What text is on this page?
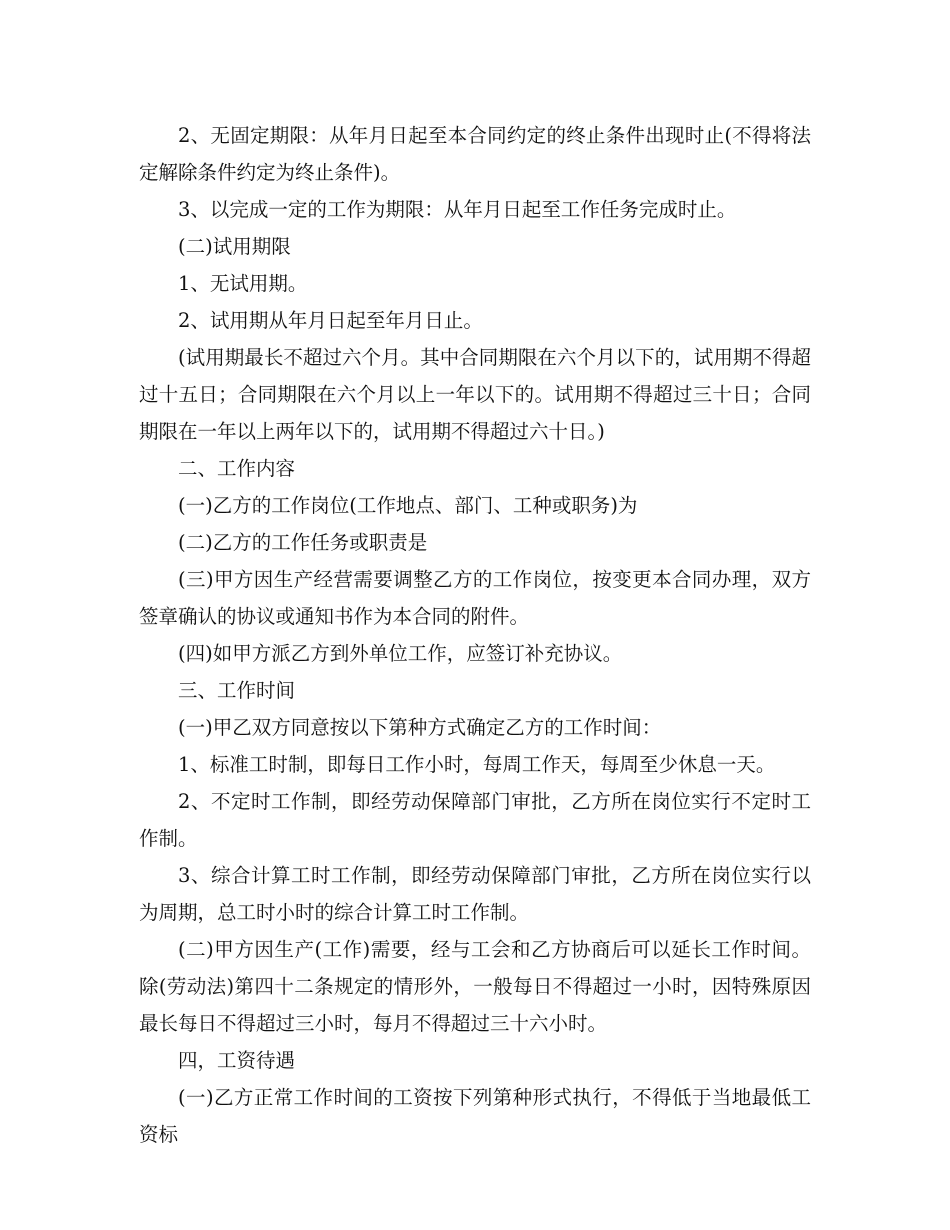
2、无固定期限：从年月日起至本合同约定的终止条件出现时止(不得将法定解除条件约定为终止条件)。

3、以完成一定的工作为期限：从年月日起至工作任务完成时止。

(二)试用期限

1、无试用期。

2、试用期从年月日起至年月日止。

(试用期最长不超过六个月。其中合同期限在六个月以下的，试用期不得超过十五日；合同期限在六个月以上一年以下的。试用期不得超过三十日；合同期限在一年以上两年以下的，试用期不得超过六十日。)

二、工作内容

(一)乙方的工作岗位(工作地点、部门、工种或职务)为

(二)乙方的工作任务或职责是

(三)甲方因生产经营需要调整乙方的工作岗位，按变更本合同办理，双方签章确认的协议或通知书作为本合同的附件。

(四)如甲方派乙方到外单位工作，应签订补充协议。

三、工作时间

(一)甲乙双方同意按以下第种方式确定乙方的工作时间：

1、标准工时制，即每日工作小时，每周工作天，每周至少休息一天。

2、不定时工作制，即经劳动保障部门审批，乙方所在岗位实行不定时工作制。

3、综合计算工时工作制，即经劳动保障部门审批，乙方所在岗位实行以为周期，总工时小时的综合计算工时工作制。

(二)甲方因生产(工作)需要，经与工会和乙方协商后可以延长工作时间。除(劳动法)第四十二条规定的情形外，一般每日不得超过一小时，因特殊原因最长每日不得超过三小时，每月不得超过三十六小时。

四，工资待遇

(一)乙方正常工作时间的工资按下列第种形式执行，不得低于当地最低工资标
